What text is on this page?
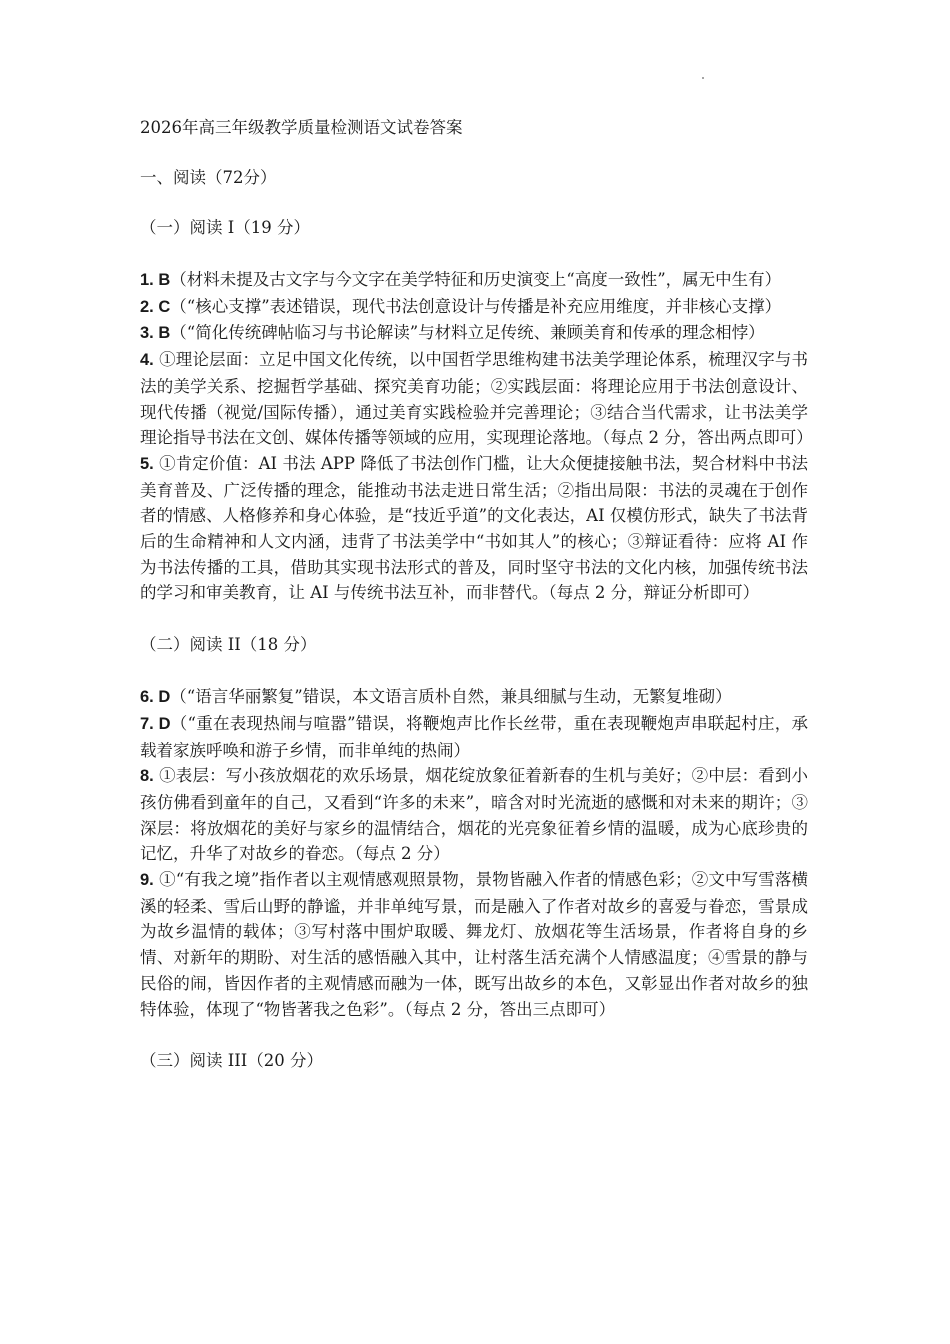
2026年高三年级教学质量检测语文试卷答案
一、阅读（72分）
（一）阅读 I（19 分）

1. B（材料未提及古文字与今文字在美学特征和历史演变上“高度一致性”，属无中生有）

2. C（“核心支撑”表述错误，现代书法创意设计与传播是补充应用维度，并非核心支撑）

3. B（“简化传统碑帖临习与书论解读”与材料立足传统、兼顾美育和传承的理念相悖）

4. ①理论层面：立足中国文化传统，以中国哲学思维构建书法美学理论体系，梳理汉字与书法的美学关系、挖掘哲学基础、探究美育功能；②实践层面：将理论应用于书法创意设计、现代传播（视觉/国际传播），通过美育实践检验并完善理论；③结合当代需求，让书法美学理论指导书法在文创、媒体传播等领域的应用，实现理论落地。（每点 2 分，答出两点即可）

5. ①肯定价值：AI 书法 APP 降低了书法创作门槛，让大众便捷接触书法，契合材料中书法美育普及、广泛传播的理念，能推动书法走进日常生活；②指出局限：书法的灵魂在于创作者的情感、人格修养和身心体验，是“技近乎道”的文化表达，AI 仅模仿形式，缺失了书法背后的生命精神和人文内涵，违背了书法美学中“书如其人”的核心；③辩证看待：应将 AI 作为书法传播的工具，借助其实现书法形式的普及，同时坚守书法的文化内核，加强传统书法的学习和审美教育，让 AI 与传统书法互补，而非替代。（每点 2 分，辩证分析即可）

（二）阅读 II（18 分）

6. D（“语言华丽繁复”错误，本文语言质朴自然，兼具细腻与生动，无繁复堆砌）

7. D（“重在表现热闹与喧嚣”错误，将鞭炮声比作长丝带，重在表现鞭炮声串联起村庄，承载着家族呼唤和游子乡情，而非单纯的热闹）

8. ①表层：写小孩放烟花的欢乐场景，烟花绽放象征着新春的生机与美好；②中层：看到小孩仿佛看到童年的自己，又看到“许多的未来”，暗含对时光流逝的感慨和对未来的期许；③深层：将放烟花的美好与家乡的温情结合，烟花的光亮象征着乡情的温暖，成为心底珍贵的记忆，升华了对故乡的眷恋。（每点 2 分）

9. ①“有我之境”指作者以主观情感观照景物，景物皆融入作者的情感色彩；②文中写雪落横溪的轻柔、雪后山野的静谧，并非单纯写景，而是融入了作者对故乡的喜爱与眷恋，雪景成为故乡温情的载体；③写村落中围炉取暖、舞龙灯、放烟花等生活场景，作者将自身的乡情、对新年的期盼、对生活的感悟融入其中，让村落生活充满个人情感温度；④雪景的静与民俗的闹，皆因作者的主观情感而融为一体，既写出故乡的本色，又彰显出作者对故乡的独特体验，体现了“物皆著我之色彩”。（每点 2 分，答出三点即可）

（三）阅读 III（20 分）
